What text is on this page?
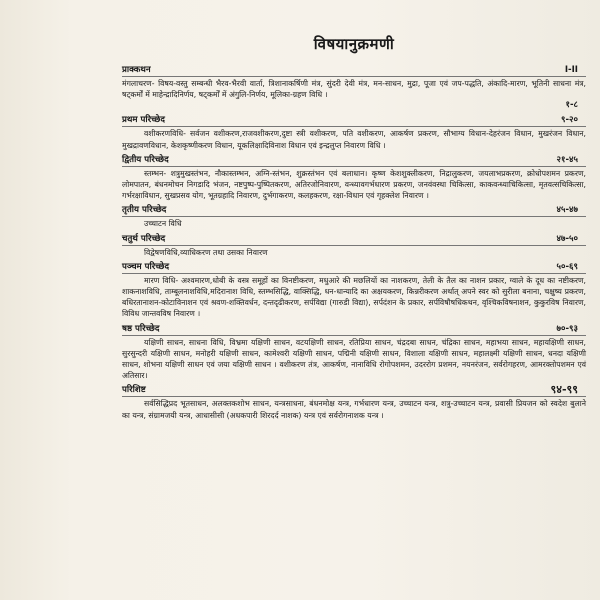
विषयानुक्रमणी
प्राक्कथन	I-II

मंगलाचरण- विषय-वस्तु सम्बन्धी भैरव-भैरवी वार्ता, त्रिशानाकर्षिणी मंत्र, सुंदरी देवी मंत्र, मन-साधन, मुद्रा, पूजा एवं जप-पद्धति, अंकादि-मारण, भूतिनी साधना मंत्र, षट्कर्मों में माहेन्द्रादिनिर्णय, षट्कर्मों में अंगुलि-निर्णय, मूलिका-ग्रहण विधि ।

१-८
प्रथम परिच्छेद	९-२०

वशीकरणविधि- सर्वजन वशीकरण,राजवशीकरण,दुष्टा स्त्री वशीकरण, पति वशीकरण, आकर्षण प्रकरण, सौभाग्य विधान-देहरंजन विधान, मुखरंजन विधान, मुखद्रावणविधान, केशकृष्णीकरण विधान, यूकलिक्षादिविनाश विधान एवं इन्द्रलुप्त निवारण विधि ।

द्वितीय परिच्छेद	२१-४५

स्तम्भन- शत्रुमुखस्तंभन, नौकास्तम्भन, अग्नि-स्तंभन, शुक्रस्तंभन एवं बलाधान। कृष्ण केशशुक्लीकरण, निद्रालुकरण, जयलाभप्रकरण, क्रोधोपशमन प्रकरण, लोमपातन, बंधनमोचन निगडादि भंजन, नष्टपुष्प-पुष्पितकरण, अतिरजोनिवारण, वन्ध्यावगर्भधारण प्रकरण, जनवंवस्था चिकित्सा, काकवन्ध्याचिकित्सा, मृतवत्सचिकित्सा, गर्भरक्षाविधान, सुखप्रसव योग, भूतग्रहादि निवारण, दुर्भगाकरण, कलहकरण, रक्षा-विधान एवं गृहक्लेश निवारण ।

तृतीय परिच्छेद	४५-४७

उच्चाटन विधि

चतुर्थ परिच्छेद	४७-५०

विद्वेषणविधि,व्याधिकरण तथा उसका निवारण

पञ्चम परिच्छेद	५०-६९

मारण विधि- अश्वमारण,धोबी के वस्त्र समूहों का विनष्टीकरण, मधुआरे की मछलियों का नाशकरण, तेली के तैल का नाशन प्रकार, ग्वाले के दूध का नष्टीकरण, शाकनाशविधि, ताम्बूलनाशविधि,मदिरानाश विधि, स्तम्भसिद्धि, वाक्सिद्धि, धन-धान्यादि का अक्षयकरण, किन्नरीकरण अर्थात् अपने स्वर को सुरीला बनाना, चक्षुष्य प्रकरण, बधिरतानाशन-कोटाविनाशन एवं श्रवण-शक्तिवर्धन, दन्तदृढीकरण, सर्पविद्या (गारुडी विद्या), सर्पदंशन के प्रकार, सर्पविषौषधिकथन, वृश्चिकविषनाशन, कुकुरविष निवारण, विविध जान्तवविष निवारण ।

षष्ठ परिच्छेद	७०-९३

यक्षिणी साधन, साधना विधि, विभ्रमा यक्षिणी साधन, वटयक्षिणी साधन, रतिप्रिया साधन, चंद्रदबा साधन, चंद्रिका साधन, महाभया साधन, महायक्षिणी साधन, सुरसुन्दरी यक्षिणी साधन, मनोहरी यक्षिणी साधन, कामेश्वरी यक्षिणी साधन, पद्मिनी यक्षिणी साधन, विशाला यक्षिणी साधन, महालक्ष्मी यक्षिणी साधन, धनदा यक्षिणी साधन, शोभना यक्षिणी साधन एवं जया यक्षिणी साधन । वशीकरण तंत्र, आकर्षण, नानाविधि रोगोपशमन, उदररोग प्रशमन, नयनरंजन, सर्वरोगहरण, आमरक्तोपशमन एवं अतिसार।

परिशिष्ट	९४-९९

सर्वसिद्धिप्रद भूतसाधन, अलक्तकशोभ साधन, यन्त्रसाधना, बंधनमोक्ष यन्त्र, गर्भधारण यन्त्र, उच्चाटन यन्त्र, शत्रु-उच्चाटन यन्त्र, प्रवासी प्रियजन को स्वदेश बुलाने का यन्त्र, संग्रामजयी यन्त्र, आधासीसी (अधकपारी शिरदर्द नाशक) यन्त्र एवं सर्वरोगनाशक यन्त्र ।
